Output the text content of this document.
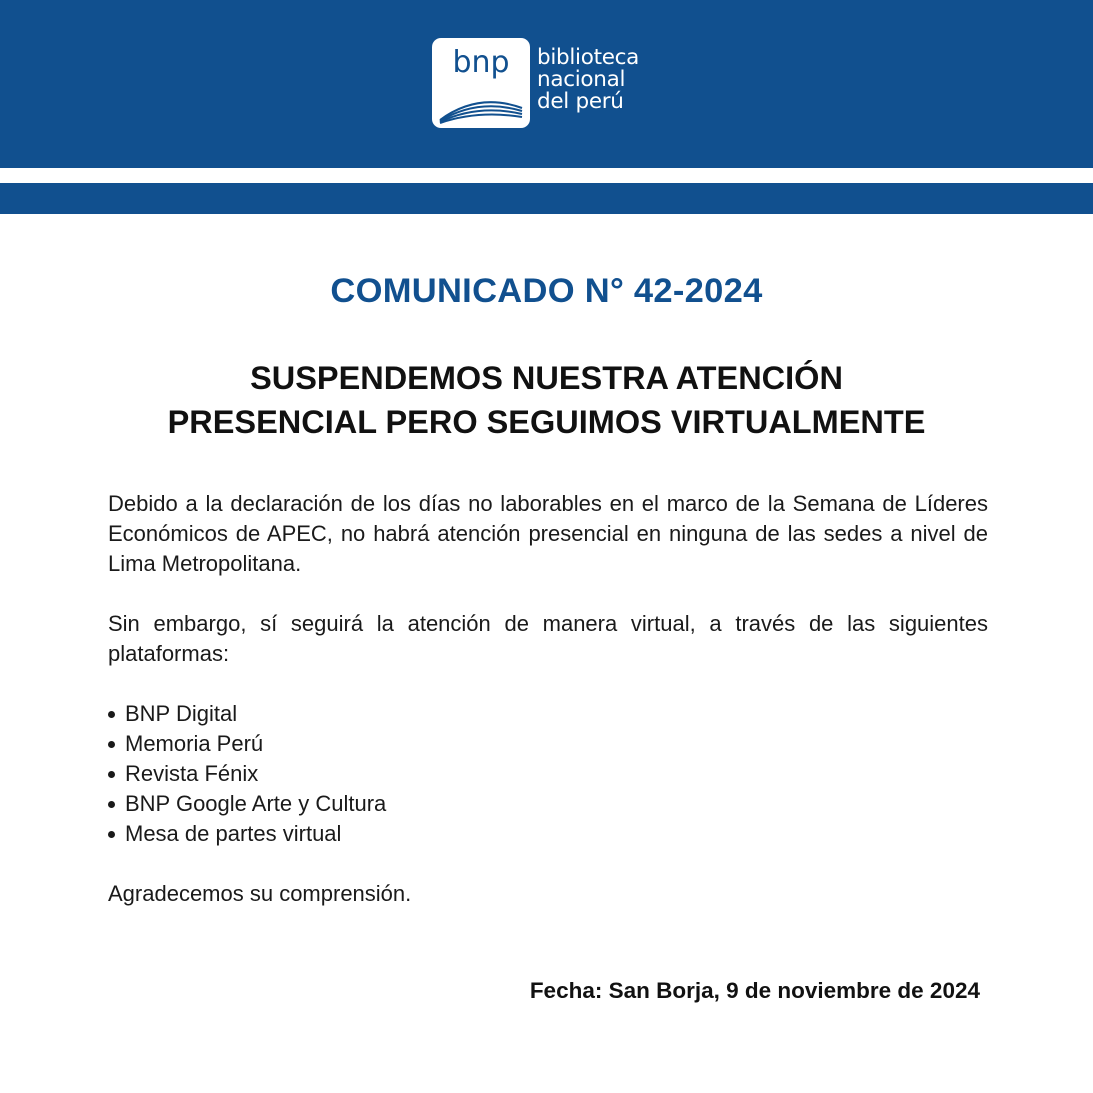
bnp	biblioteca
nacional
del perú
COMUNICADO N° 42-2024
SUSPENDEMOS NUESTRA ATENCIÓN
PRESENCIAL PERO SEGUIMOS VIRTUALMENTE

Debido a la declaración de los días no laborables en el marco de la Semana de Líderes Económicos de APEC, no habrá atención presencial en ninguna de las sedes a nivel de Lima Metropolitana.

Sin embargo, sí seguirá la atención de manera virtual, a través de las siguientes plataformas:

BNP Digital
Memoria Perú
Revista Fénix
BNP Google Arte y Cultura
Mesa de partes virtual
Agradecemos su comprensión.
Fecha: San Borja, 9 de noviembre de 2024
